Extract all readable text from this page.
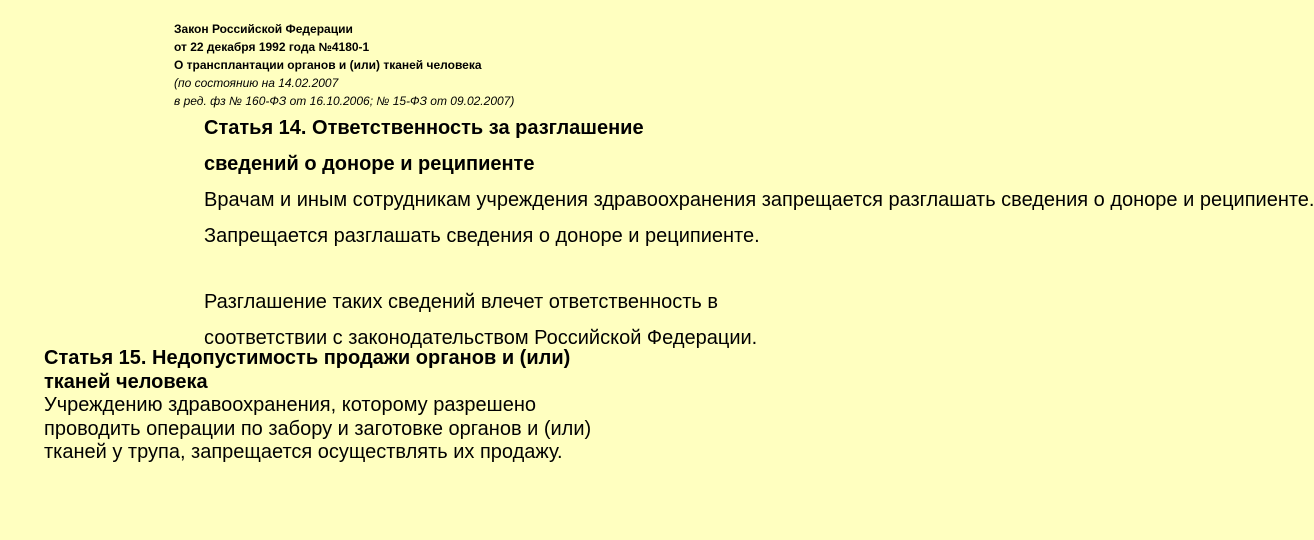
Закон Российской Федерации
от 22 декабря 1992 года №4180-1
О трансплантации органов и (или) тканей человека
(по состоянию на 14.02.2007
в ред. фз № 160-ФЗ от 16.10.2006; № 15-ФЗ от 09.02.2007)
Статья 14. Ответственность за разглашение
сведений о доноре и реципиенте
Врачам и иным сотрудникам учреждения здравоохранения запрещается разглашать сведения о доноре и реципиенте.
Запрещается разглашать сведения о доноре и реципиенте.
Разглашение таких сведений влечет ответственность в
соответствии с законодательством Российской Федерации.
Статья 15. Недопустимость продажи органов и (или)
тканей человека
Учреждению здравоохранения, которому разрешено
проводить операции по забору и заготовке органов и (или)
тканей у трупа, запрещается осуществлять их продажу.
